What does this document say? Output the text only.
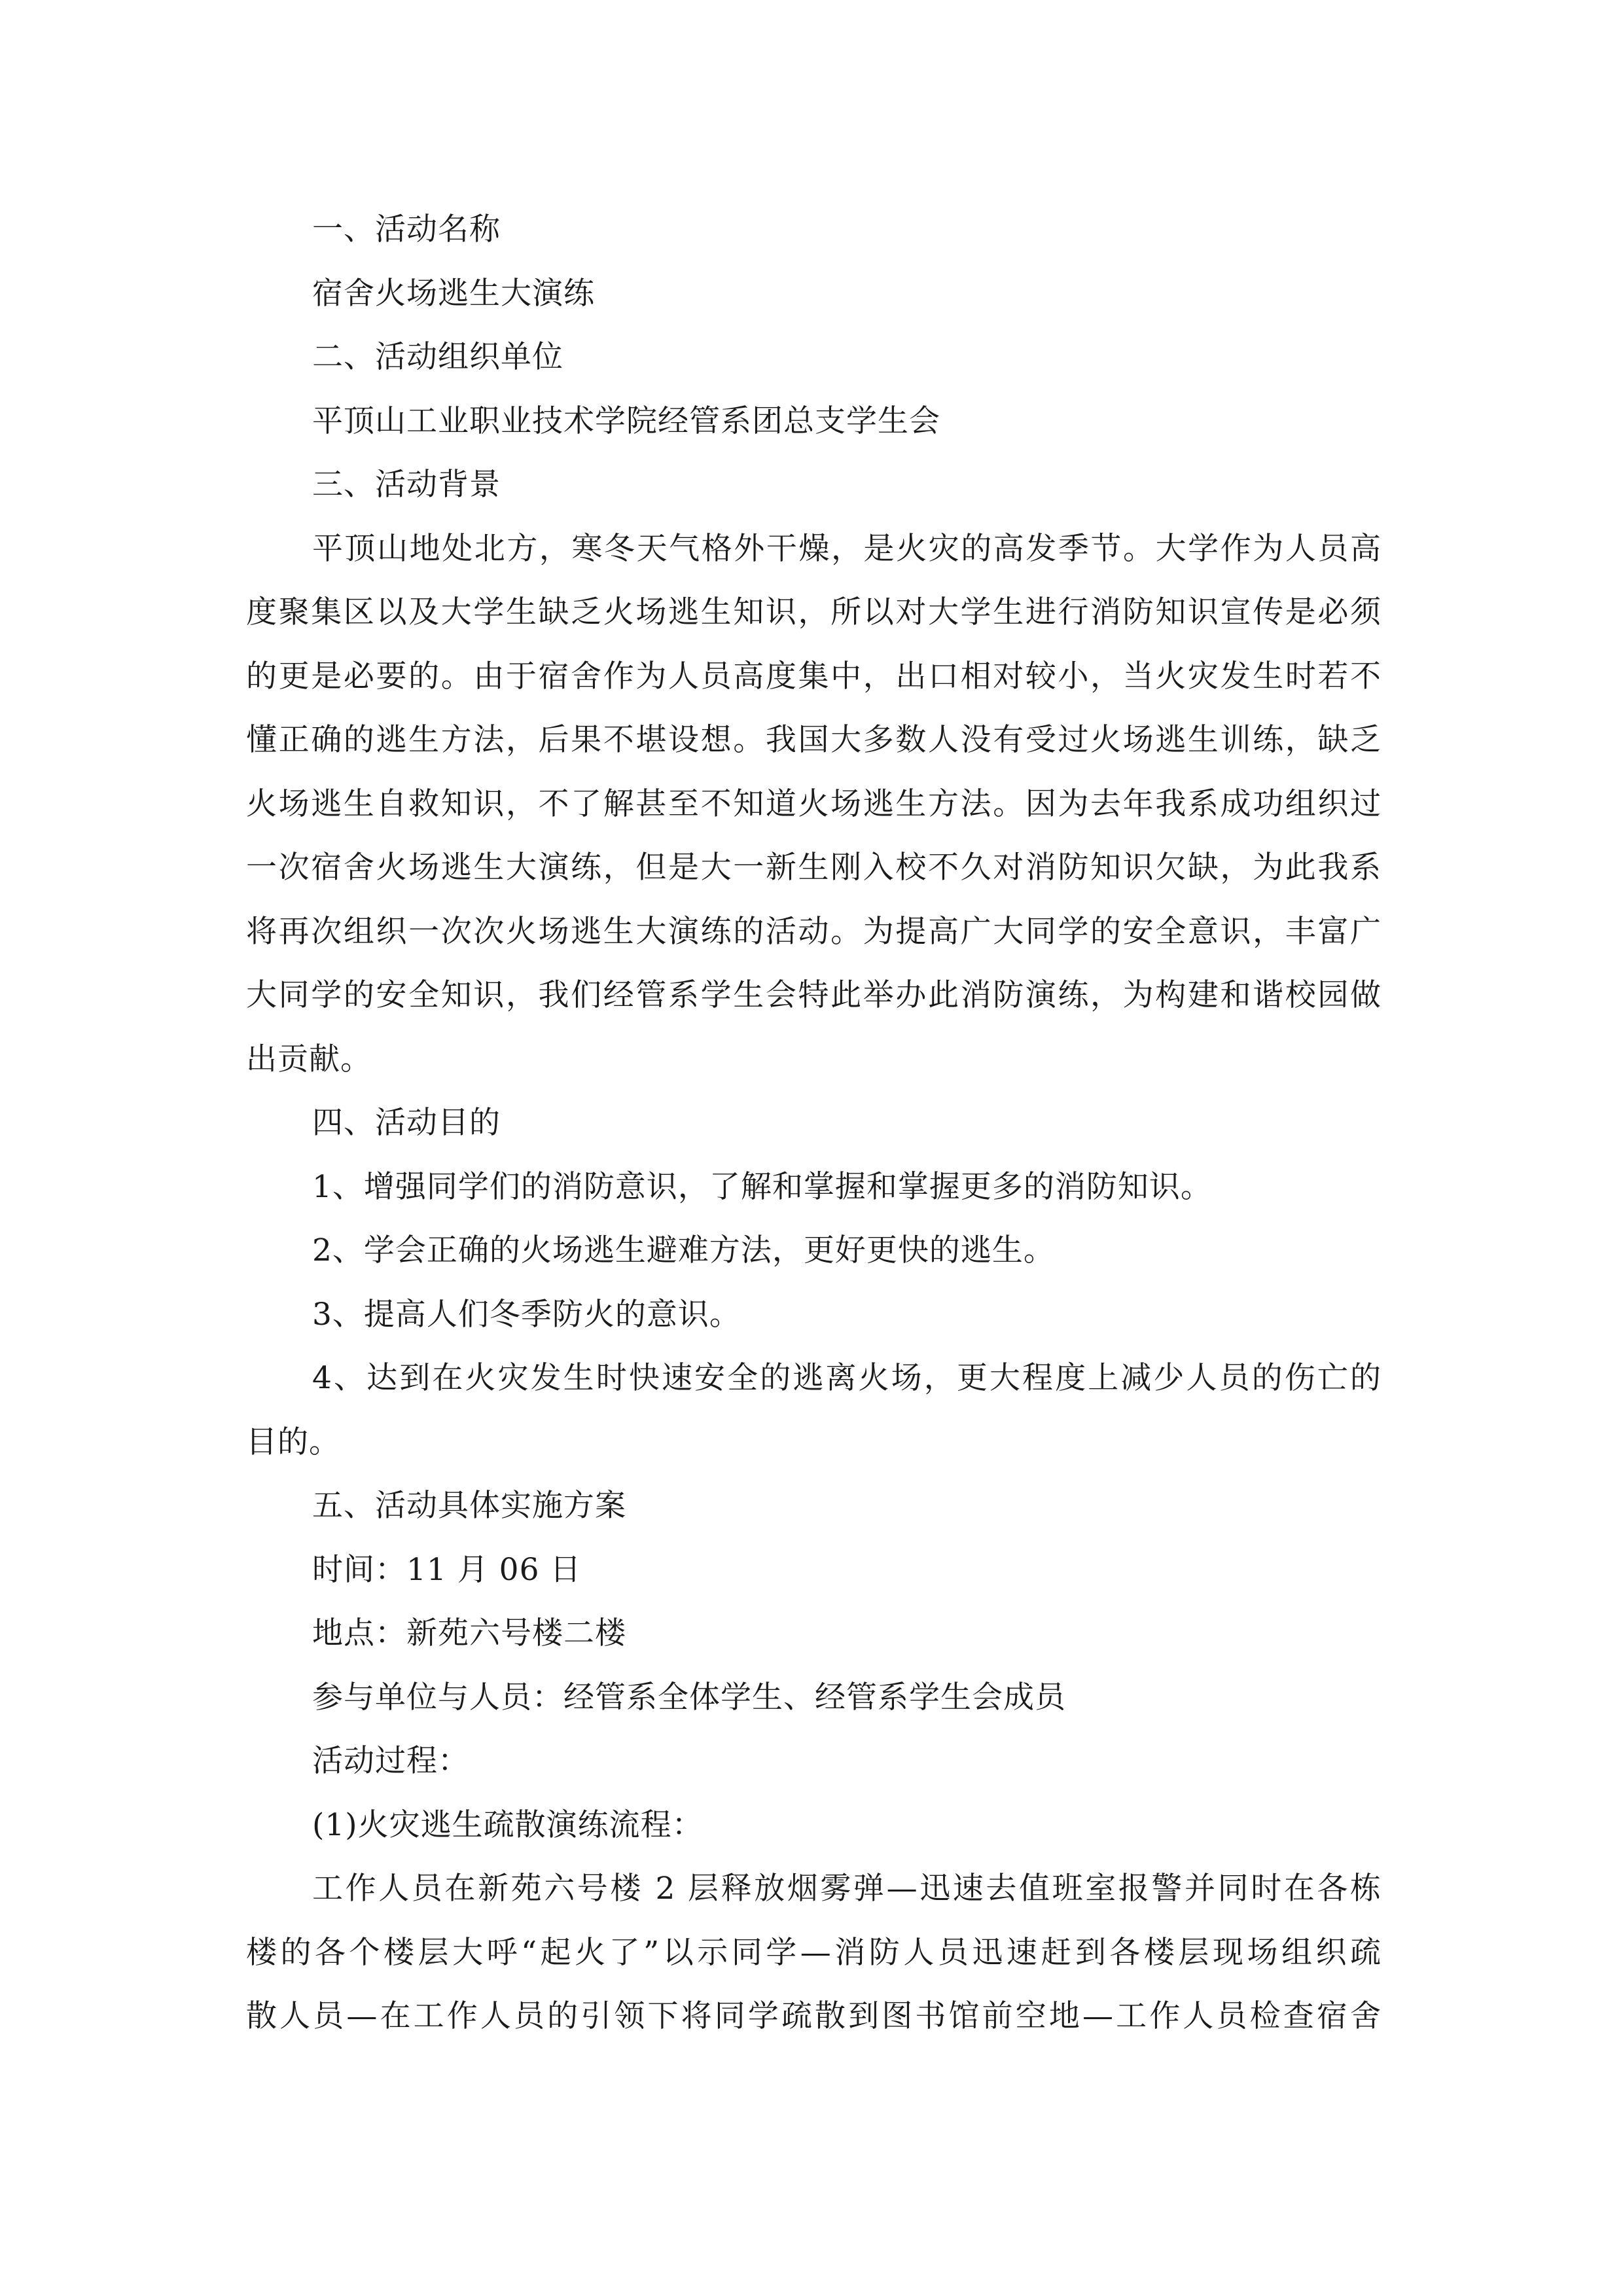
一、活动名称
宿舍火场逃生大演练
二、活动组织单位
平顶山工业职业技术学院经管系团总支学生会
三、活动背景
平顶山地处北方，寒冬天气格外干燥，是火灾的高发季节。大学作为人员高
度聚集区以及大学生缺乏火场逃生知识，所以对大学生进行消防知识宣传是必须
的更是必要的。由于宿舍作为人员高度集中，出口相对较小，当火灾发生时若不
懂正确的逃生方法，后果不堪设想。我国大多数人没有受过火场逃生训练，缺乏
火场逃生自救知识，不了解甚至不知道火场逃生方法。因为去年我系成功组织过
一次宿舍火场逃生大演练，但是大一新生刚入校不久对消防知识欠缺，为此我系
将再次组织一次次火场逃生大演练的活动。为提高广大同学的安全意识，丰富广
大同学的安全知识，我们经管系学生会特此举办此消防演练，为构建和谐校园做
出贡献。
四、活动目的
1、增强同学们的消防意识，了解和掌握和掌握更多的消防知识。
2、学会正确的火场逃生避难方法，更好更快的逃生。
3、提高人们冬季防火的意识。
4、达到在火灾发生时快速安全的逃离火场，更大程度上减少人员的伤亡的
目的。
五、活动具体实施方案
时间：11 月 06 日
地点：新苑六号楼二楼
参与单位与人员：经管系全体学生、经管系学生会成员
活动过程：
(1)火灾逃生疏散演练流程：
工作人员在新苑六号楼 2 层释放烟雾弹—迅速去值班室报警并同时在各栋
楼的各个楼层大呼“起火了”以示同学—消防人员迅速赶到各楼层现场组织疏
散人员—在工作人员的引领下将同学疏散到图书馆前空地—工作人员检查宿舍
